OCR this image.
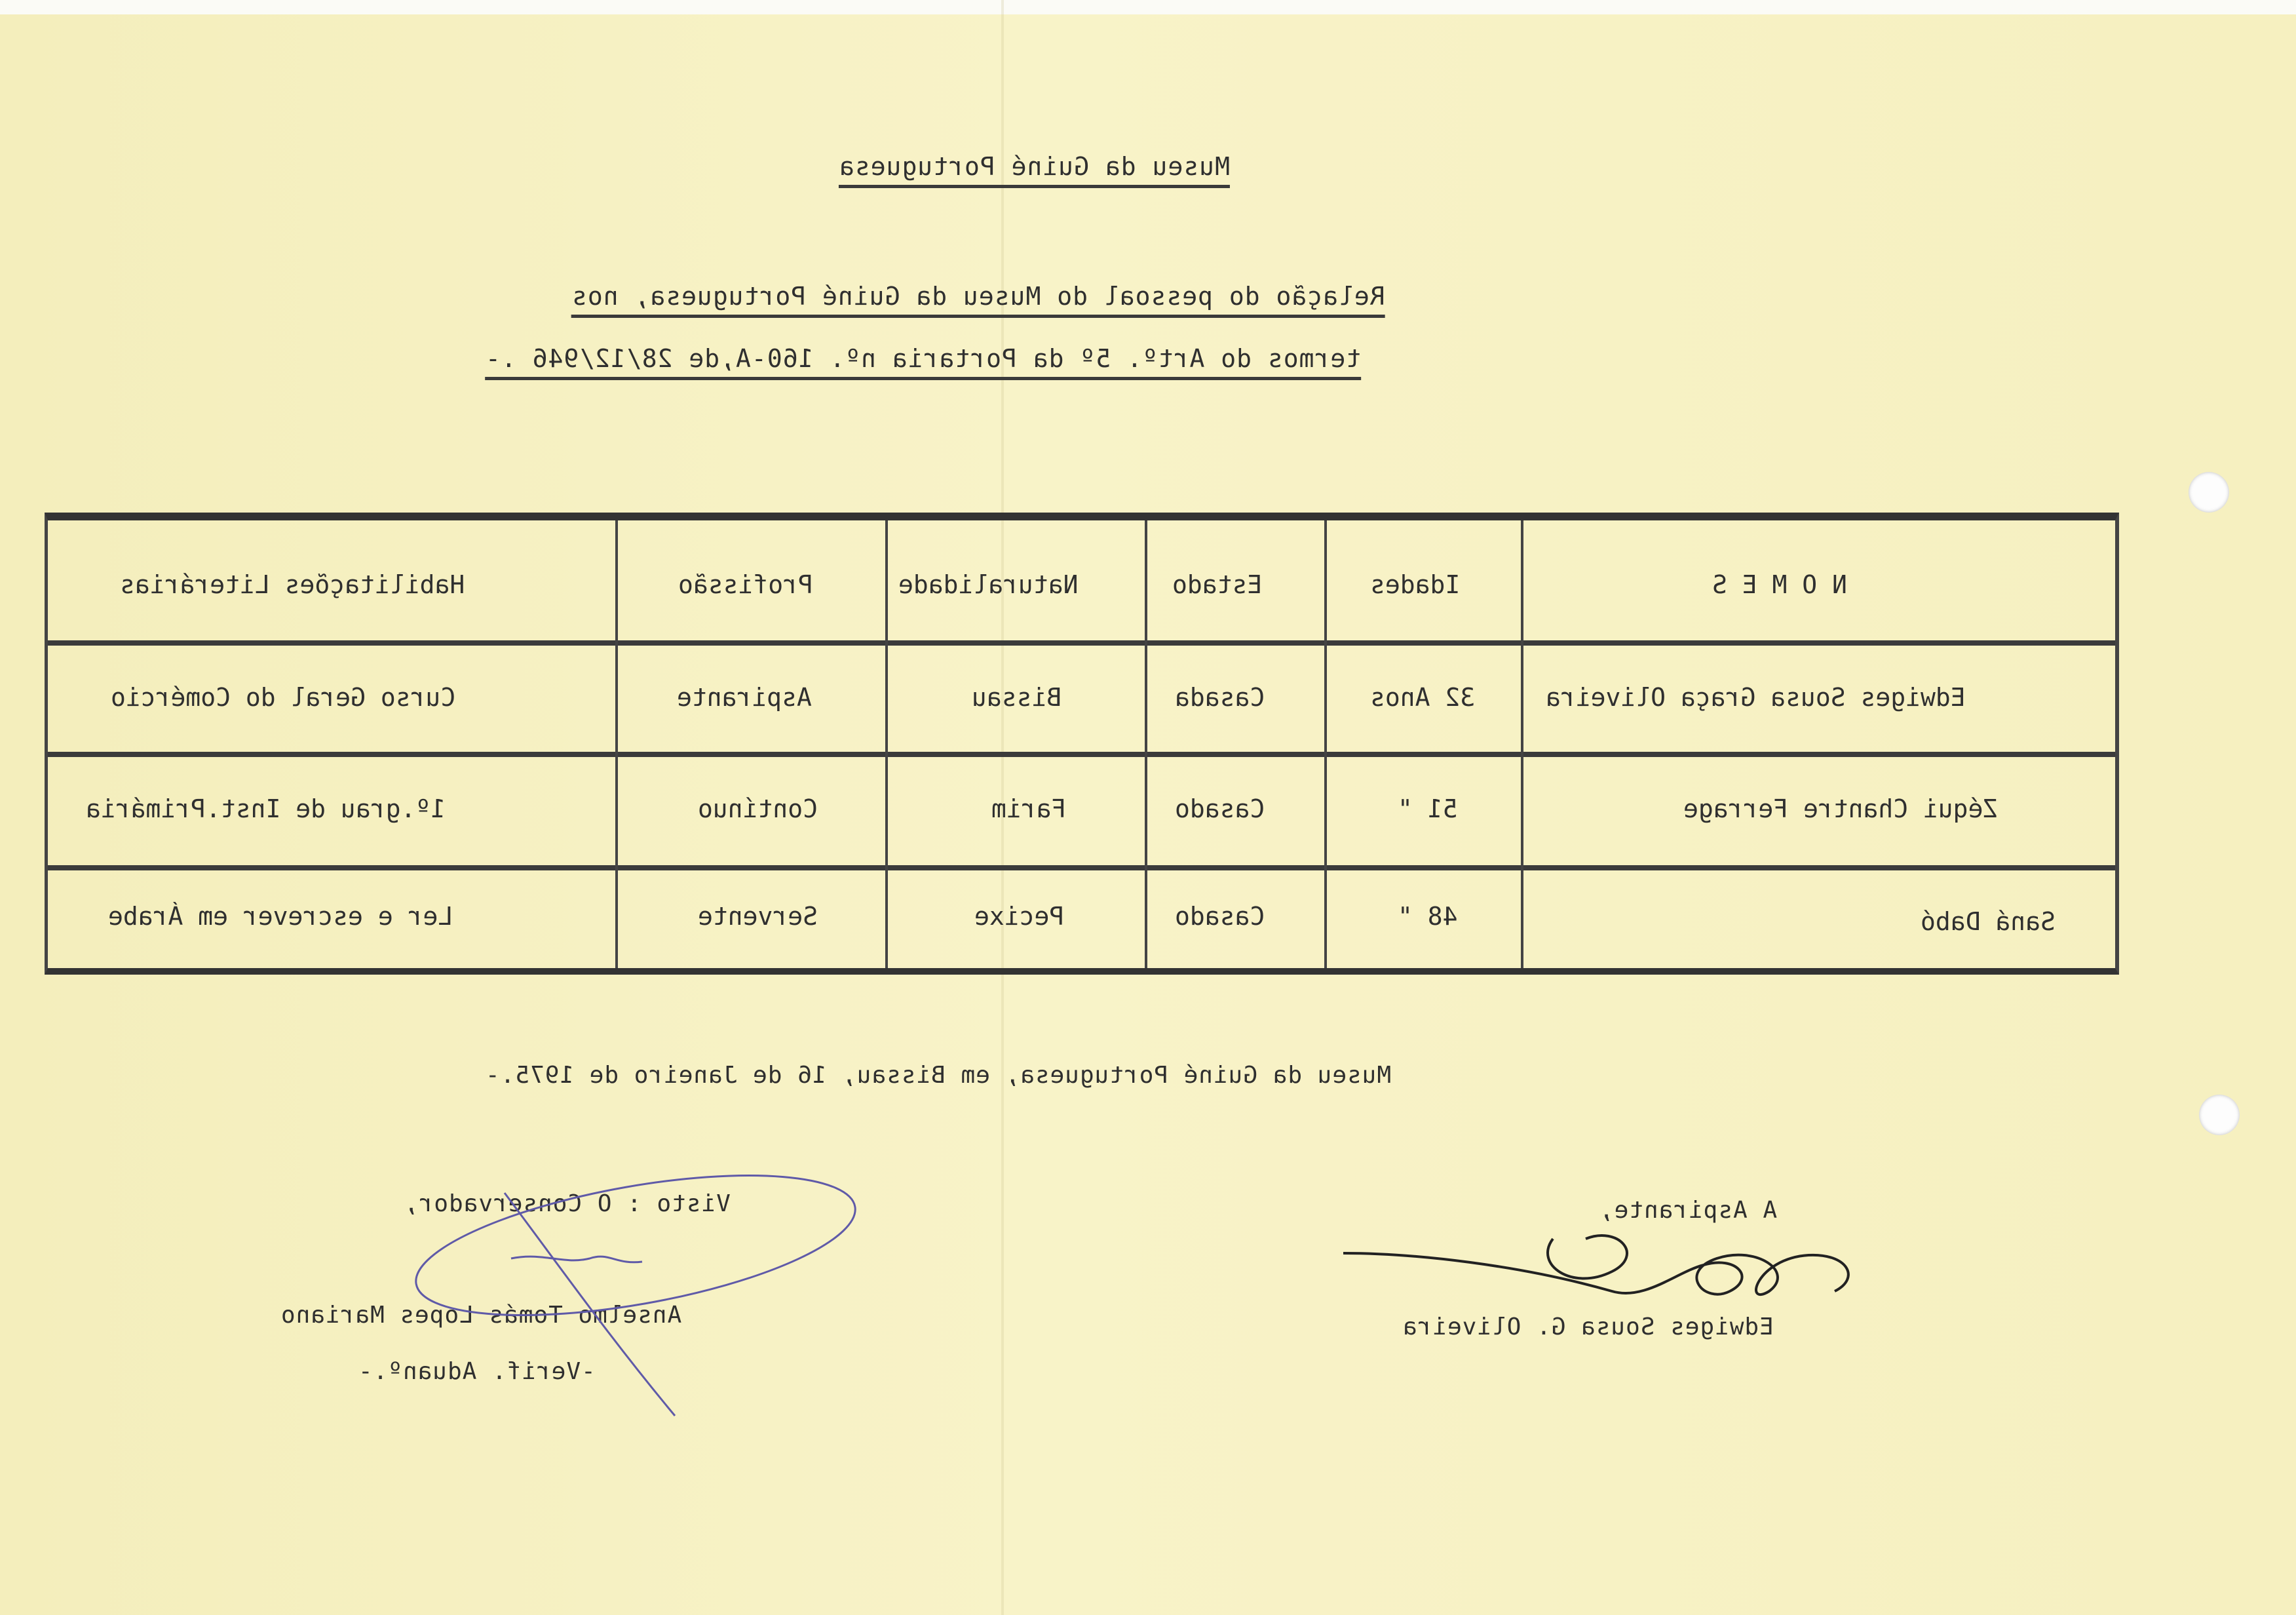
Museu da Guiné Portuguesa
Relação do pessoal do Museu da Guiné Portuguesa, nos
termos do Artº. 5º da Portaria nº. 160-A,de 28/12/946 .-
N O M E S
Idades
Estado
Naturalidade
Profissão
Habilitações Literárias
Edwiges Sousa Graça Oliveira
32 Anos
Casada
Bissau
Aspirante
Curso Geral do Comércio
Zéqui Chantre Ferrage
51 "
Casado
Farim
Contínuo
1º.grau de Inst.Primária
Saná Dabó
48 "
Casado
Pecixe
Servente
Ler e escrever em Árabe
Museu da Guiné Portuguesa, em Bissau, 16 de Janeiro de 1975.-
A Aspirante,
Edwiges Sousa G. Oliveira
Visto : O Conservador,
Anselmo Tomás Lopes Mariano
-Verif. Aduanº.-
